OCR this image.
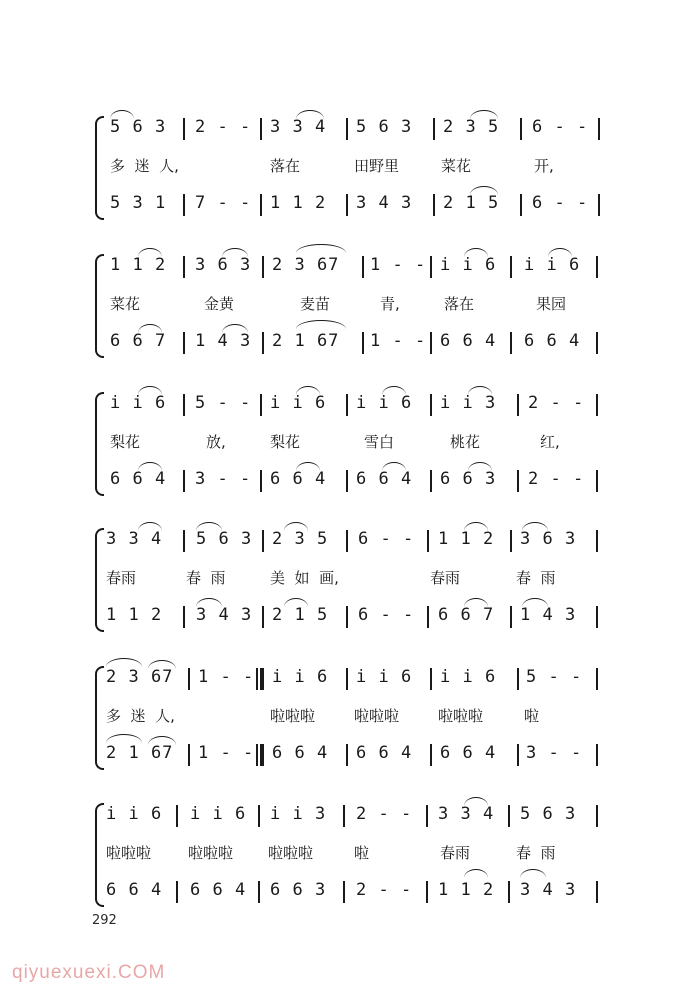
5 6 3 2 - - 3 3 4 5 6 3 2 3 5 6 - -
多  迷  人,	落在	田野里	菜花	开,
5 3 1 7 - - 1 1 2 3 4 3 2 1 5 6 - -
1 1 2 3 6 3 2 3 67 1 - - i i 6 i i 6
菜花	金黄	麦苗	青,	落在	果园
6 6 7 1 4 3 2 1 67 1 - - 6 6 4 6 6 4
i i 6 5 - - i i 6 i i 6 i i 3 2 - -
梨花	放,	梨花	雪白	桃花	红,
6 6 4 3 - - 6 6 4 6 6 4 6 6 3 2 - -
3 3 4 5 6 3 2 3 5 6 - - 1 1 2 3 6 3
春雨	春  雨	美  如  画,	春雨	春  雨
1 1 2 3 4 3 2 1 5 6 - - 6 6 7 1 4 3
2 3 67 1 - - i i 6 i i 6 i i 6 5 - -
多  迷  人,	啦啦啦	啦啦啦	啦啦啦	啦
2 1 67 1 - - 6 6 4 6 6 4 6 6 4 3 - -
i i 6 i i 6 i i 3 2 - - 3 3 4 5 6 3
啦啦啦 啦啦啦 啦啦啦	啦	春雨	春  雨
6 6 4 6 6 4 6 6 3 2 - - 1 1 2 3 4 3
292
qiyuexuexi.COM
